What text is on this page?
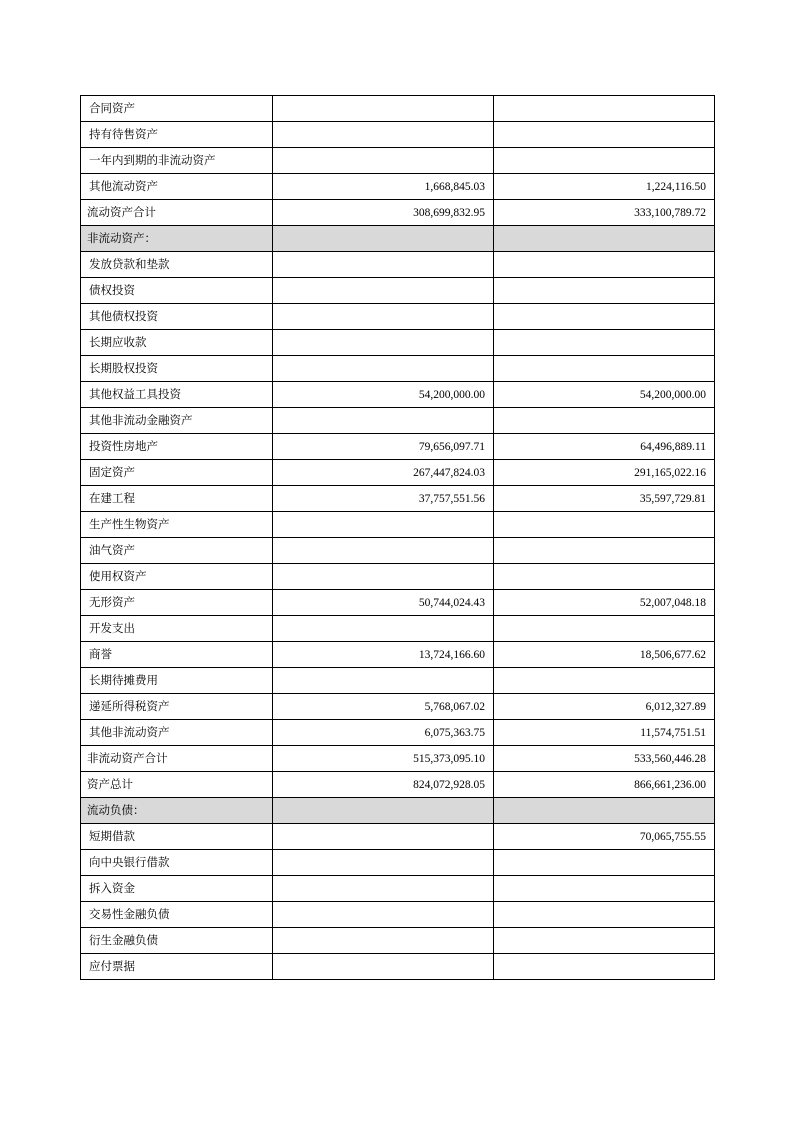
合同资产		
持有待售资产		
一年内到期的非流动资产		
其他流动资产	1,668,845.03	1,224,116.50
流动资产合计	308,699,832.95	333,100,789.72
非流动资产：		
发放贷款和垫款		
债权投资		
其他债权投资		
长期应收款		
长期股权投资		
其他权益工具投资	54,200,000.00	54,200,000.00
其他非流动金融资产		
投资性房地产	79,656,097.71	64,496,889.11
固定资产	267,447,824.03	291,165,022.16
在建工程	37,757,551.56	35,597,729.81
生产性生物资产		
油气资产		
使用权资产		
无形资产	50,744,024.43	52,007,048.18
开发支出		
商誉	13,724,166.60	18,506,677.62
长期待摊费用		
递延所得税资产	5,768,067.02	6,012,327.89
其他非流动资产	6,075,363.75	11,574,751.51
非流动资产合计	515,373,095.10	533,560,446.28
资产总计	824,072,928.05	866,661,236.00
流动负债：		
短期借款		70,065,755.55
向中央银行借款		
拆入资金		
交易性金融负债		
衍生金融负债		
应付票据		
